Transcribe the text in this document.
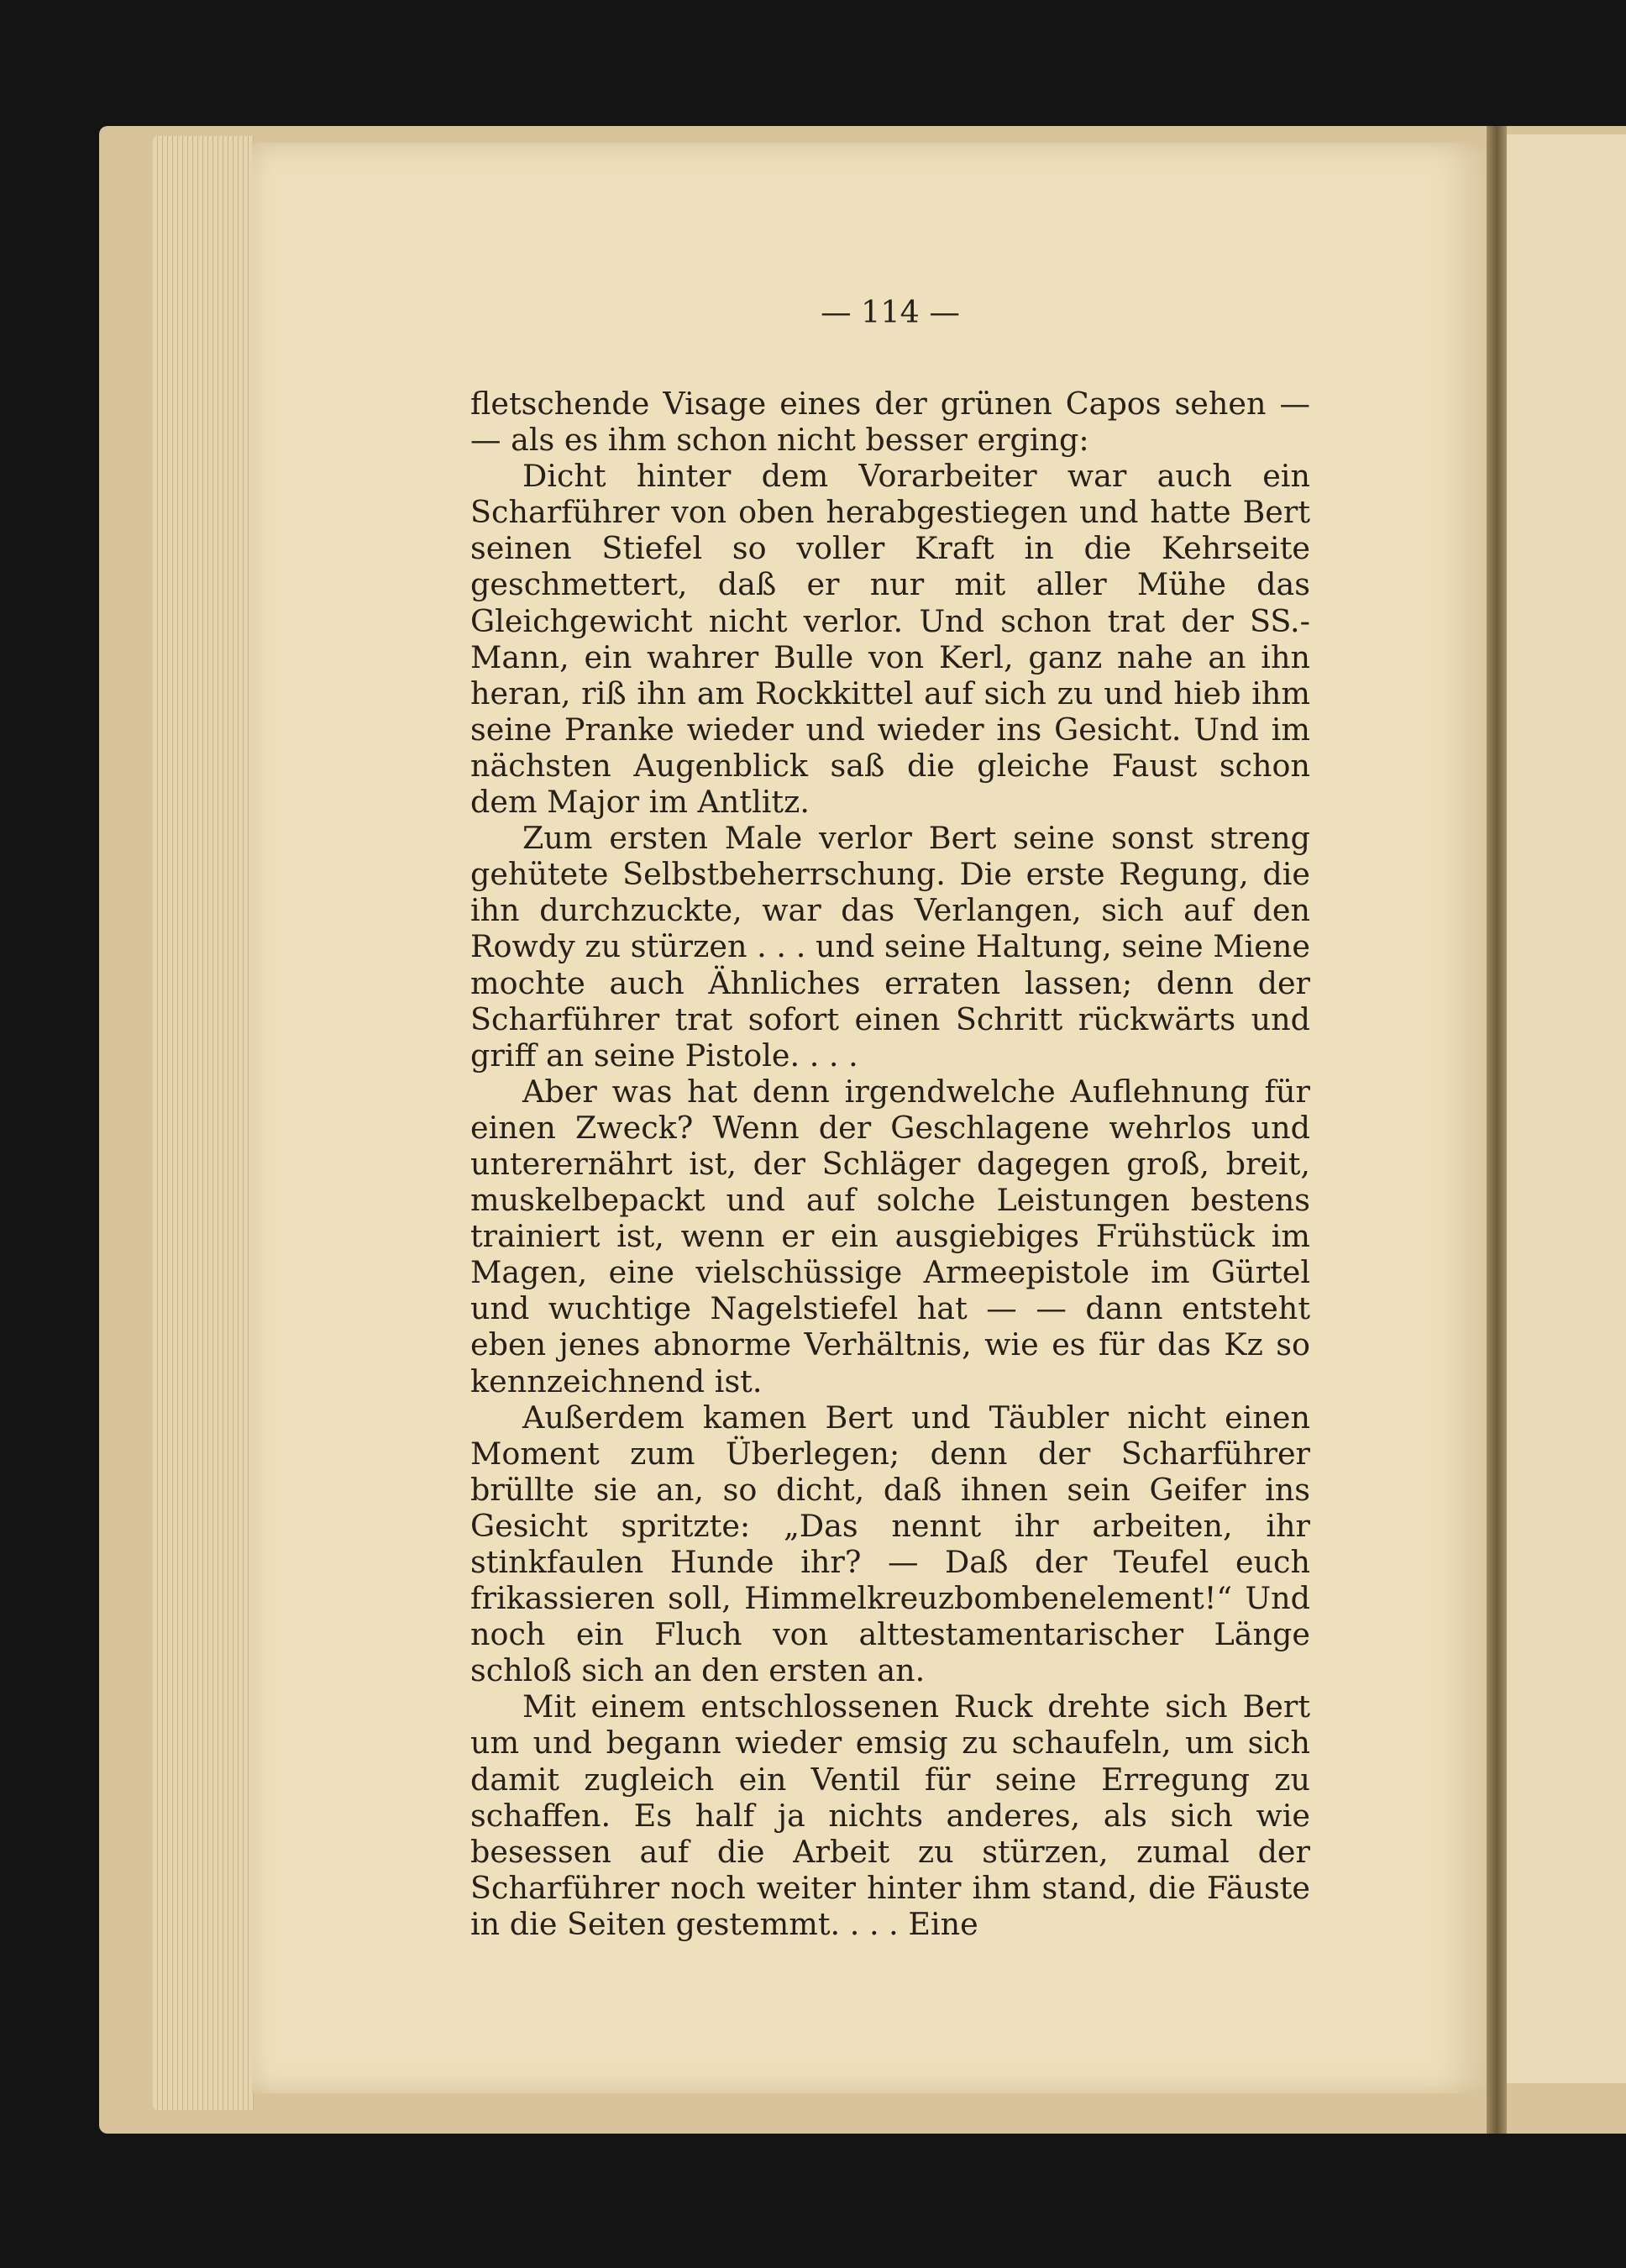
— 114 —

fletschende Visage eines der grünen Capos sehen — — als es ihm schon nicht besser erging:

Dicht hinter dem Vorarbeiter war auch ein Scharführer von oben herabgestiegen und hatte Bert seinen Stiefel so voller Kraft in die Kehrseite geschmettert, daß er nur mit aller Mühe das Gleichgewicht nicht verlor. Und schon trat der SS.-Mann, ein wahrer Bulle von Kerl, ganz nahe an ihn heran, riß ihn am Rockkittel auf sich zu und hieb ihm seine Pranke wieder und wieder ins Gesicht. Und im nächsten Augenblick saß die gleiche Faust schon dem Major im Antlitz.

Zum ersten Male verlor Bert seine sonst streng gehütete Selbstbeherrschung. Die erste Regung, die ihn durchzuckte, war das Verlangen, sich auf den Rowdy zu stürzen . . . und seine Haltung, seine Miene mochte auch Ähnliches erraten lassen; denn der Scharführer trat sofort einen Schritt rückwärts und griff an seine Pistole. . . .

Aber was hat denn irgendwelche Auflehnung für einen Zweck? Wenn der Geschlagene wehrlos und unterernährt ist, der Schläger dagegen groß, breit, muskelbepackt und auf solche Leistungen bestens trainiert ist, wenn er ein ausgiebiges Frühstück im Magen, eine vielschüssige Armeepistole im Gürtel und wuchtige Nagelstiefel hat — — dann entsteht eben jenes abnorme Verhältnis, wie es für das Kz so kennzeichnend ist.

Außerdem kamen Bert und Täubler nicht einen Moment zum Überlegen; denn der Scharführer brüllte sie an, so dicht, daß ihnen sein Geifer ins Gesicht spritzte: „Das nennt ihr arbeiten, ihr stinkfaulen Hunde ihr? — Daß der Teufel euch frikassieren soll, Himmelkreuzbombenelement!“ Und noch ein Fluch von alttestamentarischer Länge schloß sich an den ersten an.

Mit einem entschlossenen Ruck drehte sich Bert um und begann wieder emsig zu schaufeln, um sich damit zugleich ein Ventil für seine Erregung zu schaffen. Es half ja nichts anderes, als sich wie besessen auf die Arbeit zu stürzen, zumal der Scharführer noch weiter hinter ihm stand, die Fäuste in die Seiten gestemmt. . . . Eine
